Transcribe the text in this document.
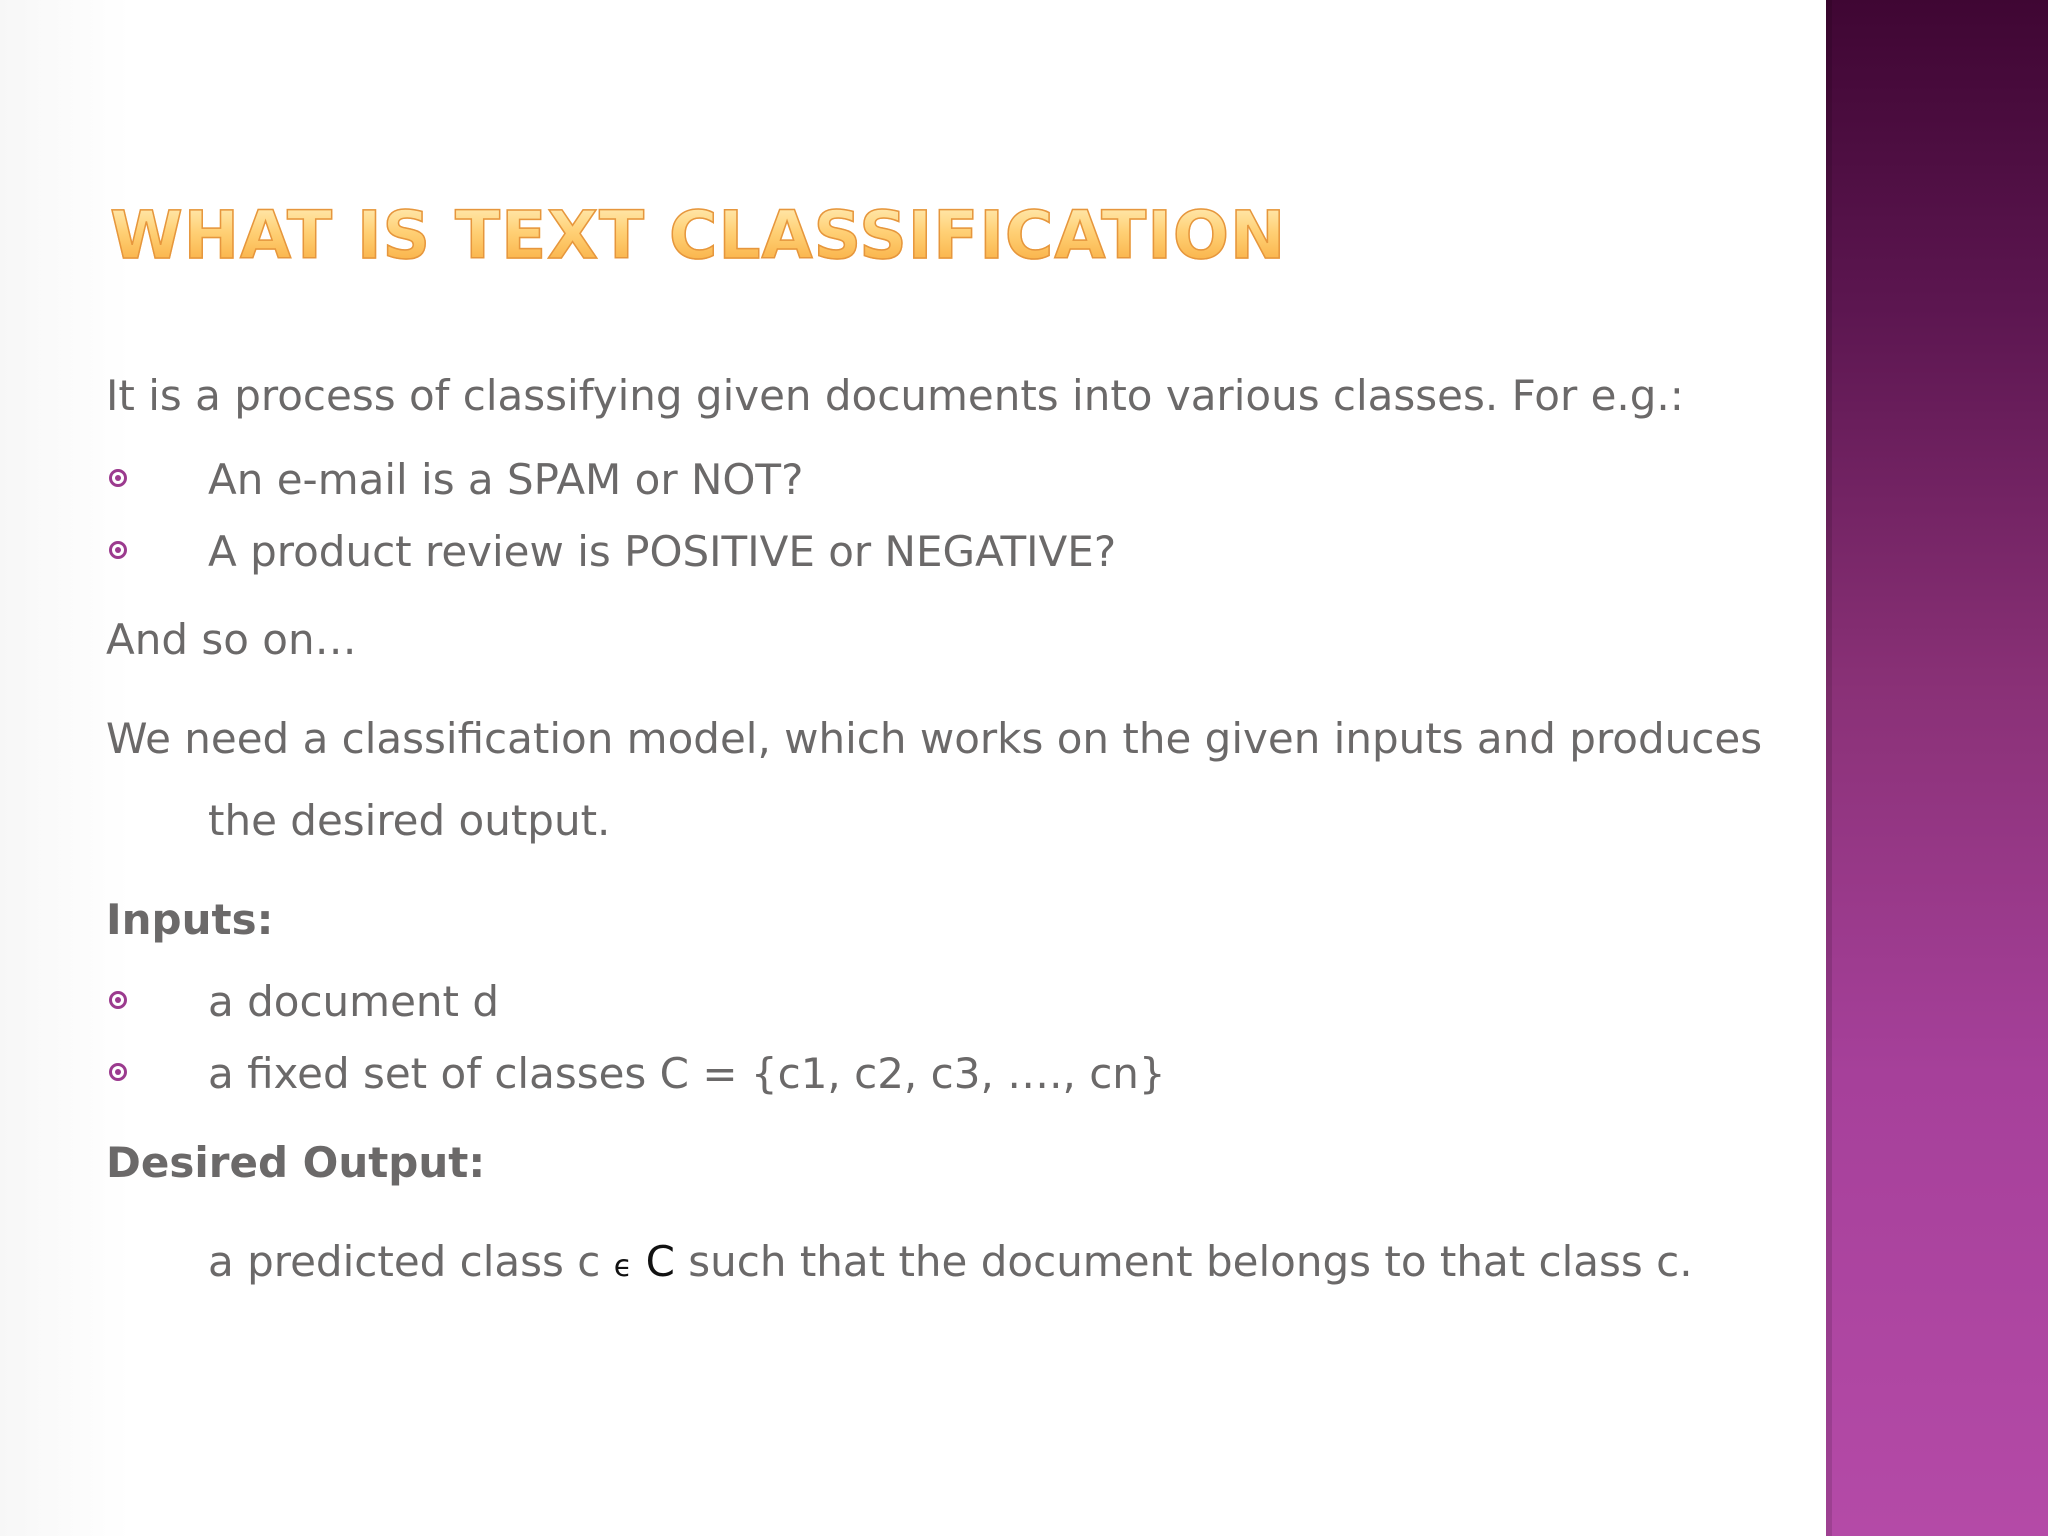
WHAT IS TEXT CLASSIFICATION

It is a process of classifying given documents into various classes. For e.g.:

An e-mail is a SPAM or NOT?
A product review is POSITIVE or NEGATIVE?

And so on…

We need a classification model, which works on the given inputs and produces

the desired output.

Inputs:

a document d
a fixed set of classes C = {c1, c2, c3, …., cn}

Desired Output:

a predicted class c ϵ C such that the document belongs to that class c.
